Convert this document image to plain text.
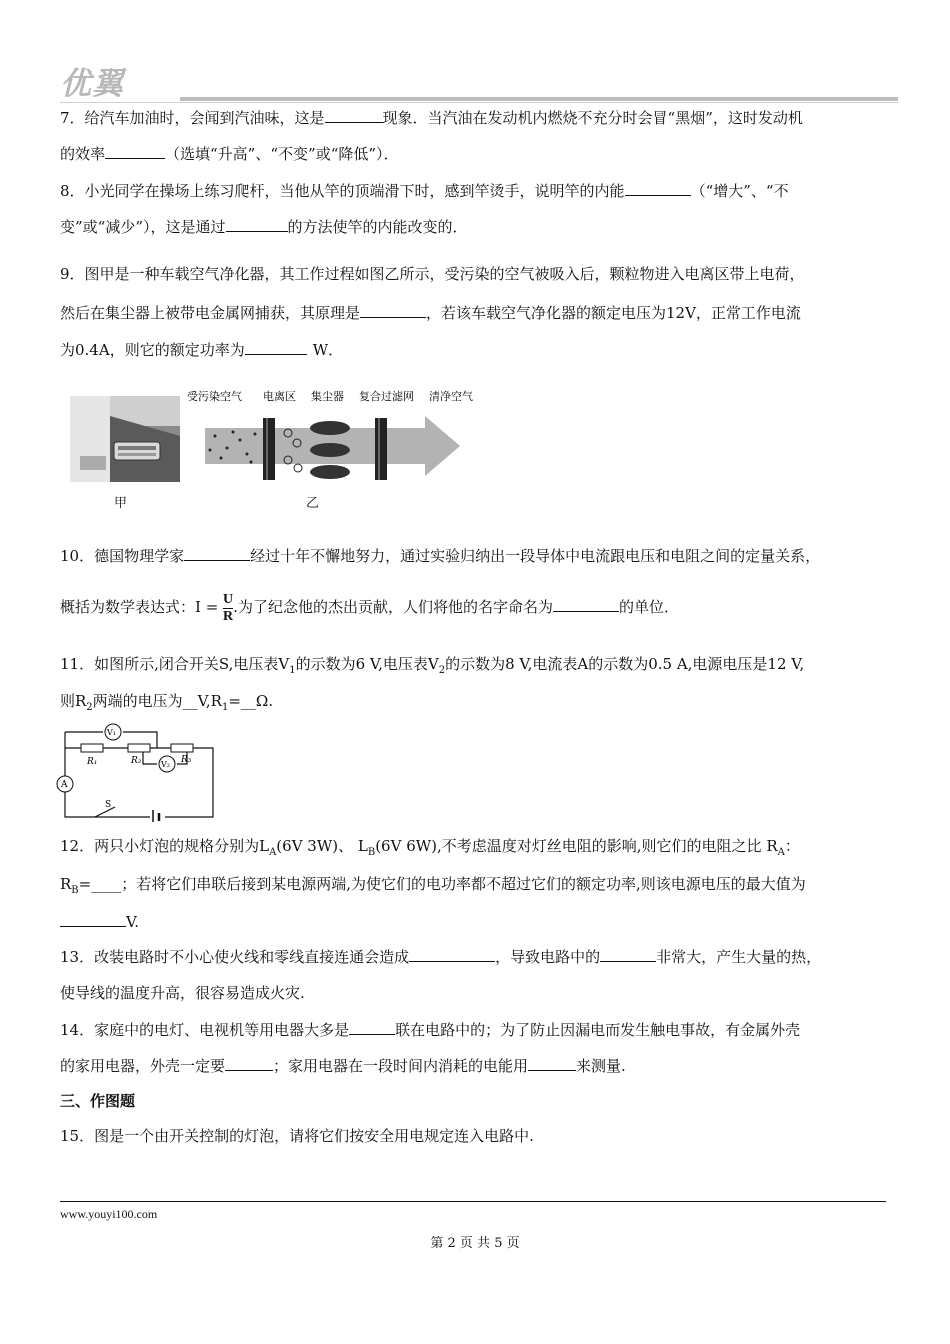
优翼
7．给汽车加油时，会闻到汽油味，这是	现象．当汽油在发动机内燃烧不充分时会冒“黑烟”，这时发动机
的效率	（选填“升高”、“不变”或“降低”）．
8．小光同学在操场上练习爬杆，当他从竿的顶端滑下时，感到竿烫手，说明竿的内能	（“增大”、“不
变”或“减少”），这是通过	的方法使竿的内能改变的．
9．图甲是一种车载空气净化器，其工作过程如图乙所示，受污染的空气被吸入后，颗粒物进入电离区带上电荷，
然后在集尘器上被带电金属网捕获，其原理是	，若该车载空气净化器的额定电压为12V，正常工作电流
为0.4A，则它的额定功率为	W．
受污染空气 电离区 集尘器 复合过滤网 清净空气
甲	乙
10．德国物理学家	经过十年不懈地努力，通过实验归纳出一段导体中电流跟电压和电阻之间的定量关系，
概括为数学表达式：$I = \frac{U}{R}$ .为了纪念他的杰出贡献，人们将他的名字命名为	的单位．
11．如图所示,闭合开关S,电压表$V_1$的示数为6 V,电压表$V_2$的示数为8 V,电流表A的示数为0.5 A,电源电压是12 V,
则$R_2$两端的电压为$\_\_V,R_1=\_\_\Omega$.
V₁
V₂
A
R₁	R₂	R₃
S
12．两只小灯泡的规格分别为$L_A(6V$ 3W)、 $L_B(6V$ 6W),不考虑温度对灯丝电阻的影响,则它们的电阻之比 $R_A$：
$R_B=\_\_\_\_$；若将它们串联后接到某电源两端,为使它们的电功率都不超过它们的额定功率,则该电源电压的最大值为
V.
13．改装电路时不小心使火线和零线直接连通会造成	，导致电路中的	非常大，产生大量的热，
使导线的温度升高，很容易造成火灾.
14．家庭中的电灯、电视机等用电器大多是	联在电路中的；为了防止因漏电而发生触电事故，有金属外壳
的家用电器，外壳一定要	；家用电器在一段时间内消耗的电能用	来测量.
三、作图题
15．图是一个由开关控制的灯泡，请将它们按安全用电规定连入电路中.
www.youyi100.com
第 2 页 共 5 页
